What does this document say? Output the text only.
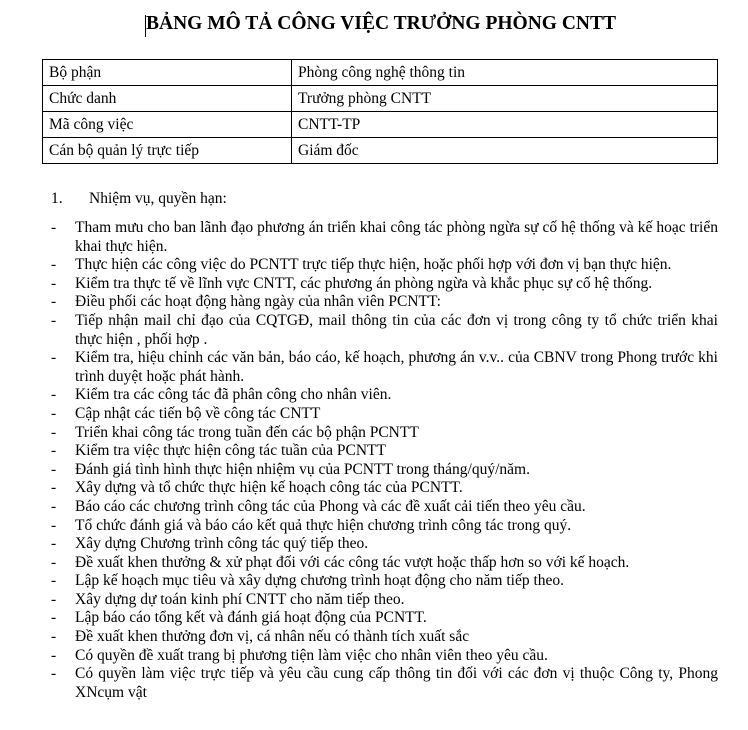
BẢNG MÔ TẢ CÔNG VIỆC TRƯỞNG PHÒNG CNTT
Bộ phận	Phòng công nghệ thông tin
Chức danh	Trưởng phòng CNTT
Mã công việc	CNTT-TP
Cán bộ quản lý trực tiếp	Giám đốc
1. Nhiệm vụ, quyền hạn:
- Tham mưu cho ban lãnh đạo phương án triển khai công tác phòng ngừa sự cố hệ thống và kế hoạc triển khai thực hiện.
- Thực hiện các công việc do PCNTT trực tiếp thực hiện, hoặc phối hợp với đơn vị bạn thực hiện.
- Kiểm tra thực tế về lĩnh vực CNTT, các phương án phòng ngừa và khắc phục sự cố hệ thống.
- Điều phối các hoạt động hàng ngày của nhân viên PCNTT:
- Tiếp nhận mail chỉ đạo của CQTGĐ, mail thông tin của các đơn vị trong công ty tổ chức triển khai thực hiện , phối hợp .
- Kiểm tra, hiệu chỉnh các văn bản, báo cáo, kế hoạch, phương án v.v.. của CBNV trong Phong trước khi trình duyệt hoặc phát hành.
- Kiểm tra các công tác đã phân công cho nhân viên.
- Cập nhật các tiến bộ về công tác CNTT
- Triển khai công tác trong tuần đến các bộ phận PCNTT
- Kiểm tra việc thực hiện công tác tuần của PCNTT
- Đánh giá tình hình thực hiện nhiệm vụ của PCNTT trong tháng/quý/năm.
- Xây dựng và tổ chức thực hiện kế hoạch công tác của PCNTT.
- Báo cáo các chương trình công tác của Phong và các đề xuất cải tiến theo yêu cầu.
- Tổ chức đánh giá và báo cáo kết quả thực hiện chương trình công tác trong quý.
- Xây dựng Chương trình công tác quý tiếp theo.
- Đề xuất khen thưởng & xử phạt đối với các công tác vượt hoặc thấp hơn so với kế hoạch.
- Lập kế hoạch mục tiêu và xây dựng chương trình hoạt động cho năm tiếp theo.
- Xây dựng dự toán kinh phí CNTT cho năm tiếp theo.
- Lập báo cáo tổng kết và đánh giá hoạt động của PCNTT.
- Đề xuất khen thưởng đơn vị, cá nhân nếu có thành tích xuất sắc
- Có quyền đề xuất trang bị phương tiện làm việc cho nhân viên theo yêu cầu.
- Có quyền làm việc trực tiếp và yêu cầu cung cấp thông tin đối với các đơn vị thuộc Công ty, Phong XNcụm vật
